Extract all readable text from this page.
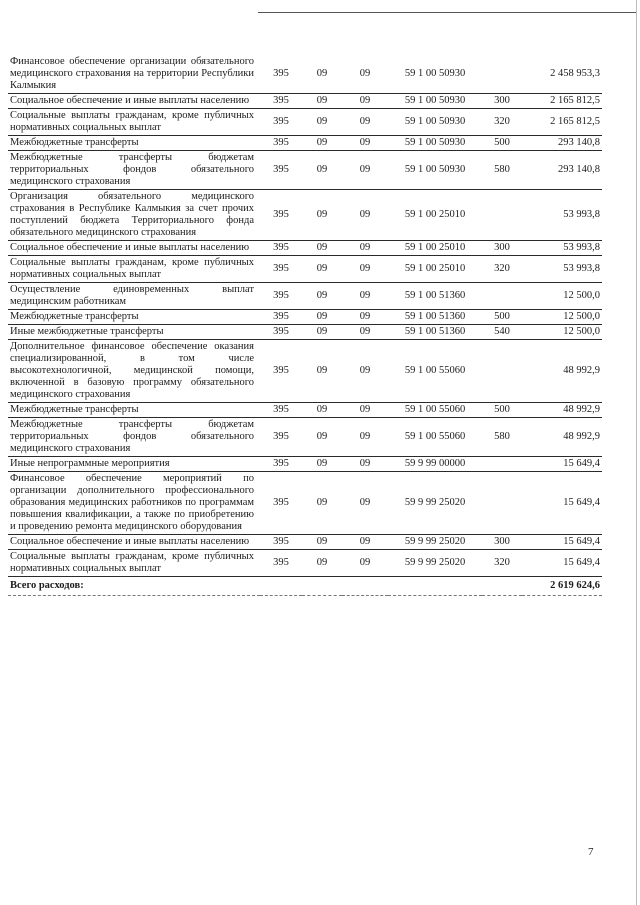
Финансовое обеспечение организации обязательного медицинского страхования на территории Республики Калмыкия	395	09	09	59 1 00 50930		2 458 953,3
Социальное обеспечение и иные выплаты населению	395	09	09	59 1 00 50930	300	2 165 812,5
Социальные выплаты гражданам, кроме публичных нормативных социальных выплат	395	09	09	59 1 00 50930	320	2 165 812,5
Межбюджетные трансферты	395	09	09	59 1 00 50930	500	293 140,8
Межбюджетные трансферты бюджетам территориальных фондов обязательного медицинского страхования	395	09	09	59 1 00 50930	580	293 140,8
Организация обязательного медицинского страхования в Республике Калмыкия за счет прочих поступлений бюджета Территориального фонда обязательного медицинского страхования	395	09	09	59 1 00 25010		53 993,8
Социальное обеспечение и иные выплаты населению	395	09	09	59 1 00 25010	300	53 993,8
Социальные выплаты гражданам, кроме публичных нормативных социальных выплат	395	09	09	59 1 00 25010	320	53 993,8
Осуществление единовременных выплат медицинским работникам	395	09	09	59 1 00 51360		12 500,0
Межбюджетные трансферты	395	09	09	59 1 00 51360	500	12 500,0
Иные межбюджетные трансферты	395	09	09	59 1 00 51360	540	12 500,0
Дополнительное финансовое обеспечение оказания специализированной, в том числе высокотехнологичной, медицинской помощи, включенной в базовую программу обязательного медицинского страхования	395	09	09	59 1 00 55060		48 992,9
Межбюджетные трансферты	395	09	09	59 1 00 55060	500	48 992,9
Межбюджетные трансферты бюджетам территориальных фондов обязательного медицинского страхования	395	09	09	59 1 00 55060	580	48 992,9
Иные непрограммные мероприятия	395	09	09	59 9 99 00000		15 649,4
Финансовое обеспечение мероприятий по организации дополнительного профессионального образования медицинских работников по программам повышения квалификации, а также по приобретению и проведению ремонта медицинского оборудования	395	09	09	59 9 99 25020		15 649,4
Социальное обеспечение и иные выплаты населению	395	09	09	59 9 99 25020	300	15 649,4
Социальные выплаты гражданам, кроме публичных нормативных социальных выплат	395	09	09	59 9 99 25020	320	15 649,4
Всего расходов:						2 619 624,6
7
